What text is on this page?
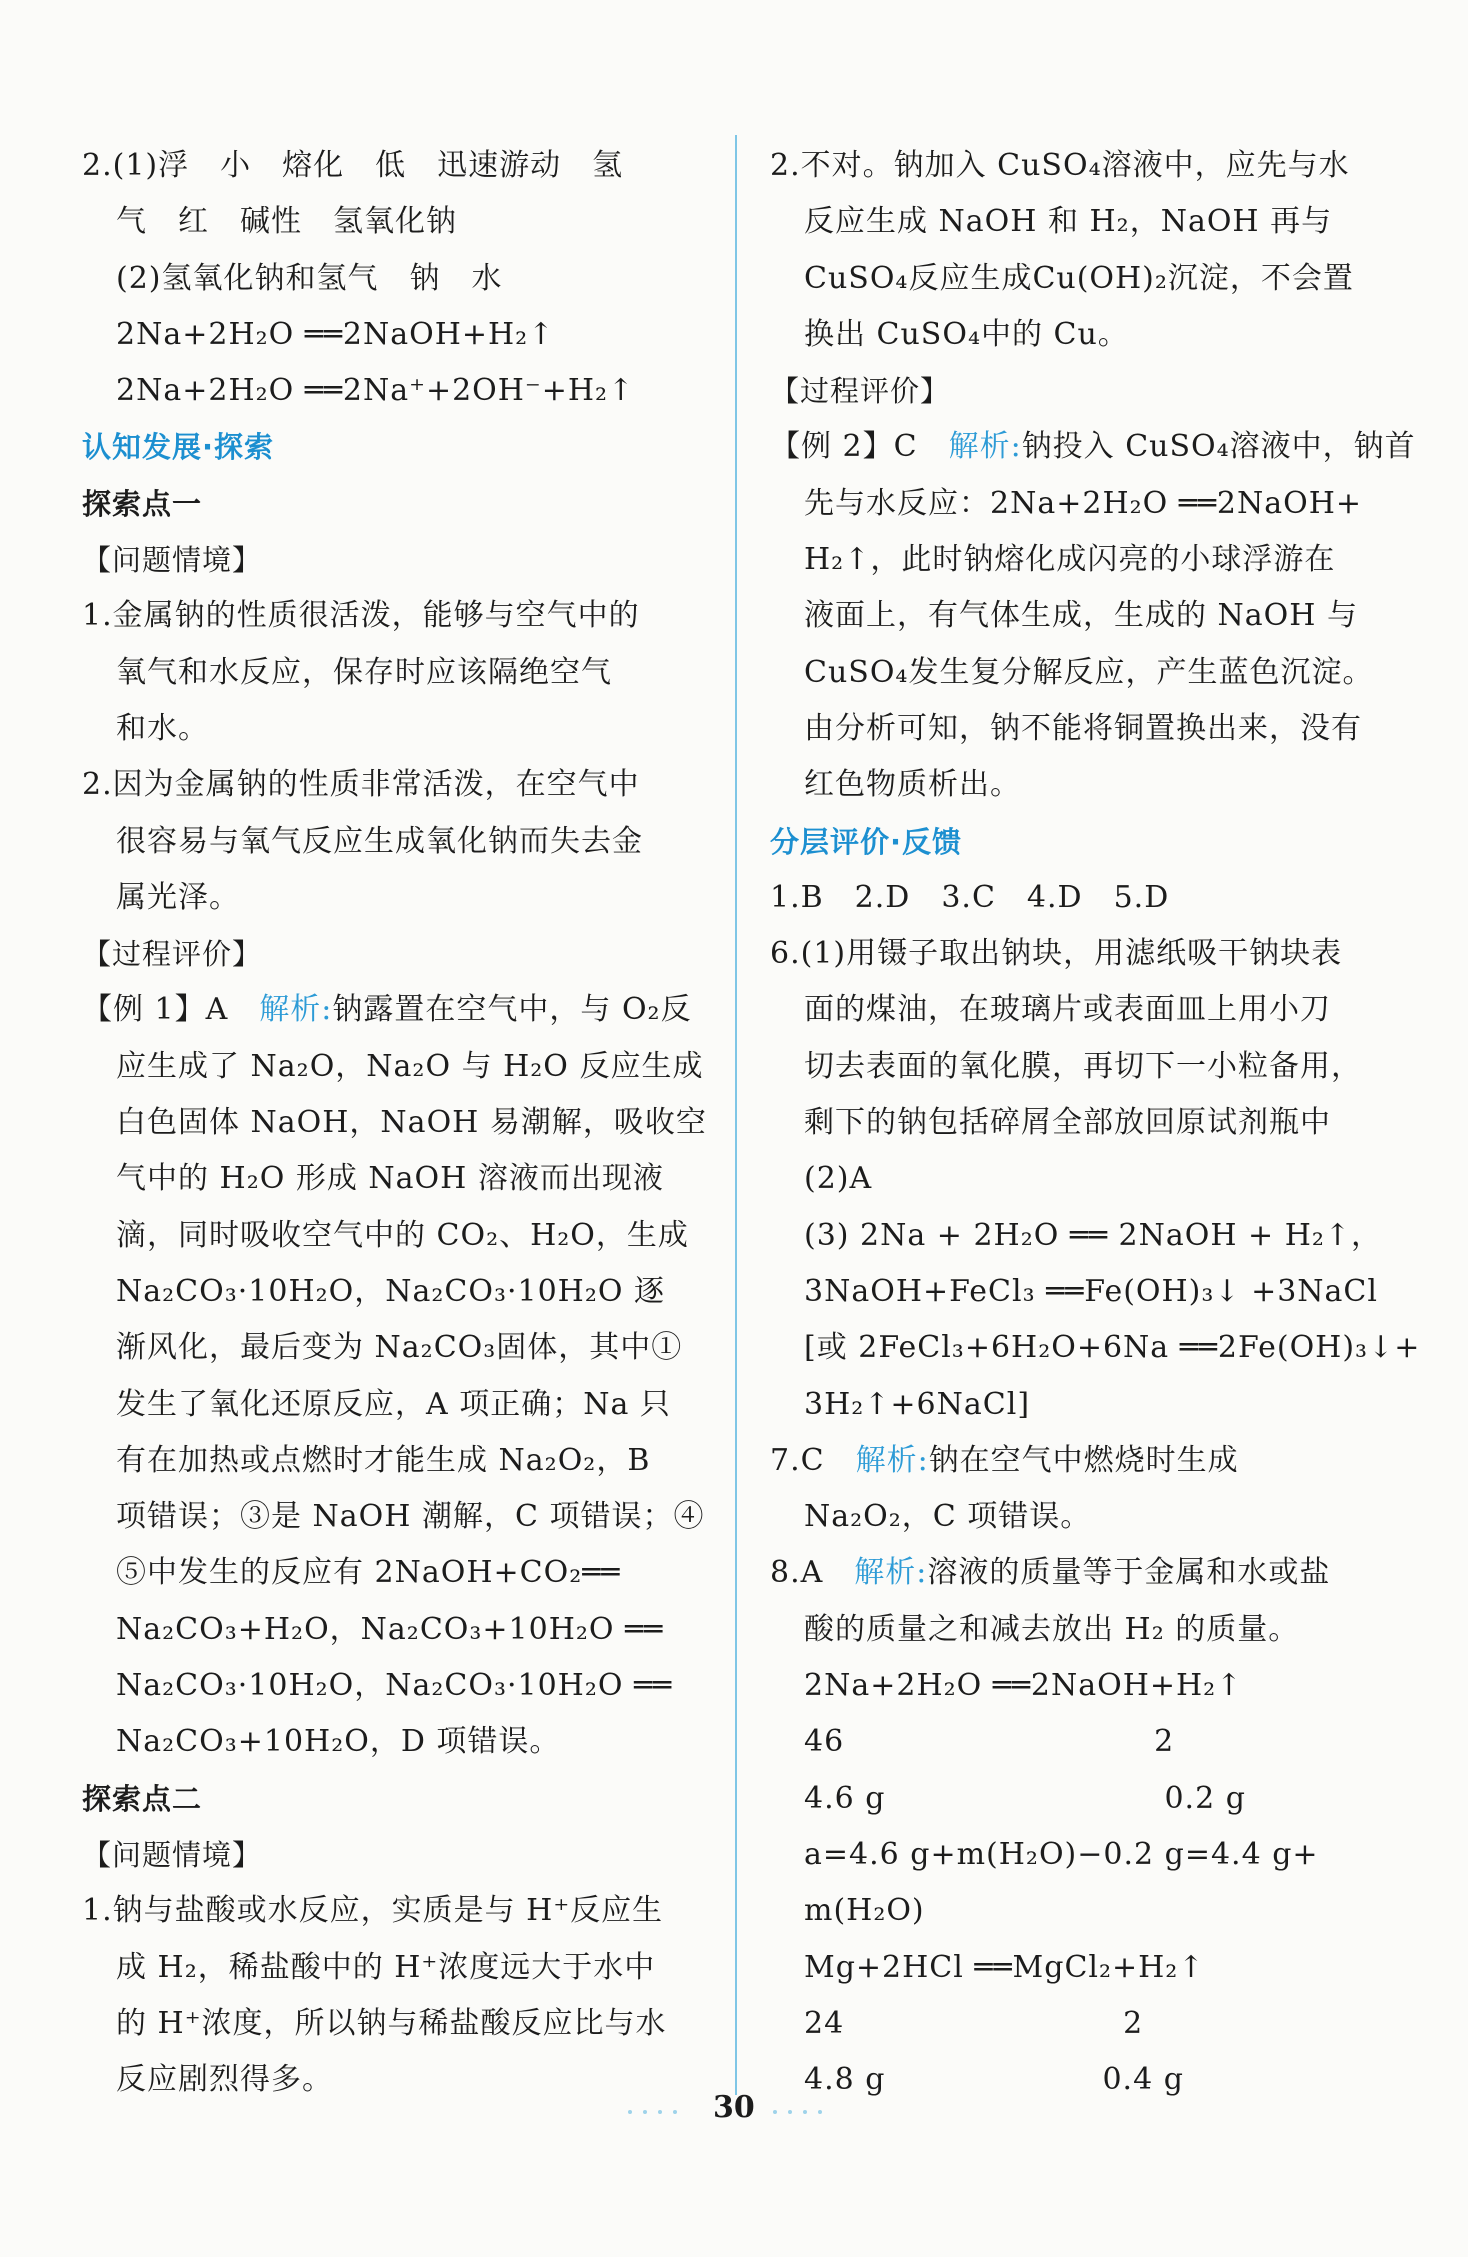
2.(1)浮　小　熔化　低　迅速游动　氢
气　红　碱性　氢氧化钠
(2)氢氧化钠和氢气　钠　水
2Na+2H₂O ══2NaOH+H₂↑
2Na+2H₂O ══2Na⁺+2OH⁻+H₂↑
认知发展·探索
探索点一
【问题情境】
1.金属钠的性质很活泼，能够与空气中的
氧气和水反应，保存时应该隔绝空气
和水。
2.因为金属钠的性质非常活泼，在空气中
很容易与氧气反应生成氧化钠而失去金
属光泽。
【过程评价】
【例 1】A　解析:钠露置在空气中，与 O₂反
应生成了 Na₂O，Na₂O 与 H₂O 反应生成
白色固体 NaOH，NaOH 易潮解，吸收空
气中的 H₂O 形成 NaOH 溶液而出现液
滴，同时吸收空气中的 CO₂、H₂O，生成
Na₂CO₃·10H₂O，Na₂CO₃·10H₂O 逐
渐风化，最后变为 Na₂CO₃固体，其中①
发生了氧化还原反应，A 项正确；Na 只
有在加热或点燃时才能生成 Na₂O₂，B
项错误；③是 NaOH 潮解，C 项错误；④
⑤中发生的反应有 2NaOH+CO₂══
Na₂CO₃+H₂O，Na₂CO₃+10H₂O ══
Na₂CO₃·10H₂O，Na₂CO₃·10H₂O ══
Na₂CO₃+10H₂O，D 项错误。
探索点二
【问题情境】
1.钠与盐酸或水反应，实质是与 H⁺反应生
成 H₂，稀盐酸中的 H⁺浓度远大于水中
的 H⁺浓度，所以钠与稀盐酸反应比与水
反应剧烈得多。
2.不对。钠加入 CuSO₄溶液中，应先与水
反应生成 NaOH 和 H₂，NaOH 再与
CuSO₄反应生成Cu(OH)₂沉淀，不会置
换出 CuSO₄中的 Cu。
【过程评价】
【例 2】C　解析:钠投入 CuSO₄溶液中，钠首
先与水反应：2Na+2H₂O ══2NaOH+
H₂↑，此时钠熔化成闪亮的小球浮游在
液面上，有气体生成，生成的 NaOH 与
CuSO₄发生复分解反应，产生蓝色沉淀。
由分析可知，钠不能将铜置换出来，没有
红色物质析出。
分层评价·反馈
1.B　2.D　3.C　4.D　5.D
6.(1)用镊子取出钠块，用滤纸吸干钠块表
面的煤油，在玻璃片或表面皿上用小刀
切去表面的氧化膜，再切下一小粒备用，
剩下的钠包括碎屑全部放回原试剂瓶中
(2)A
(3) 2Na + 2H₂O ══ 2NaOH + H₂↑，
3NaOH+FeCl₃ ══Fe(OH)₃↓ +3NaCl
[或 2FeCl₃+6H₂O+6Na ══2Fe(OH)₃↓+
3H₂↑+6NaCl]
7.C　解析:钠在空气中燃烧时生成
Na₂O₂，C 项错误。
8.A　解析:溶液的质量等于金属和水或盐
酸的质量之和减去放出 H₂ 的质量。
2Na+2H₂O ══2NaOH+H₂↑
46　　　　　　　　　　2
4.6 g　　　　　　　　　0.2 g
a=4.6 g+m(H₂O)−0.2 g=4.4 g+
m(H₂O)
Mg+2HCl ══MgCl₂+H₂↑
24　　　　　　　　　2
4.8 g　　　　　　　0.4 g
30
